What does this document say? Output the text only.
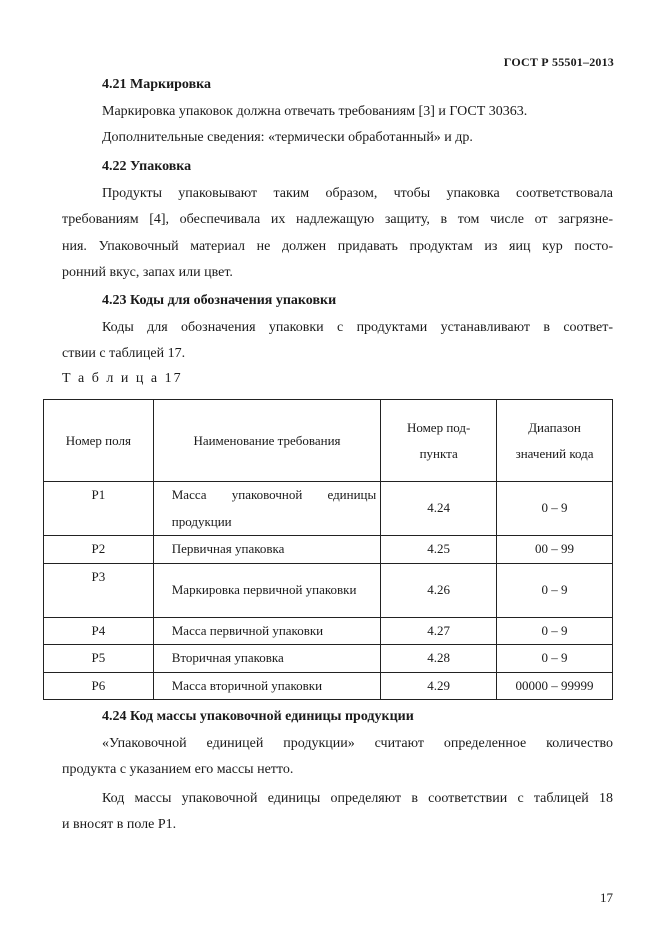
ГОСТ Р 55501–2013
4.21 Маркировка
Маркировка упаковок должна отвечать требованиям [3] и ГОСТ 30363.
Дополнительные сведения: «термически обработанный» и др.
4.22 Упаковка
Продукты упаковывают таким образом, чтобы упаковка соответствовала
требованиям [4], обеспечивала их надлежащую защиту, в том числе от загрязне-
ния. Упаковочный материал не должен придавать продуктам из яиц кур посто-
ронний вкус, запах или цвет.
4.23 Коды для обозначения упаковки
Коды для обозначения упаковки с продуктами устанавливают в соответ-
ствии с таблицей 17.
Т а б л и ц а 17
Номер поля	Наименование требования	Номер под-пункта	Диапазон значений кода
Р1	Масса упаковочной единицы продукции	4.24	0 – 9
Р2	Первичная упаковка	4.25	00 – 99
Р3	Маркировка первичной упаковки	4.26	0 – 9
Р4	Масса первичной упаковки	4.27	0 – 9
Р5	Вторичная упаковка	4.28	0 – 9
Р6	Масса вторичной упаковки	4.29	00000 – 99999
4.24 Код массы упаковочной единицы продукции
«Упаковочной единицей продукции» считают определенное количество
продукта с указанием его массы нетто.
Код массы упаковочной единицы определяют в соответствии с таблицей 18
и вносят в поле Р1.
17
